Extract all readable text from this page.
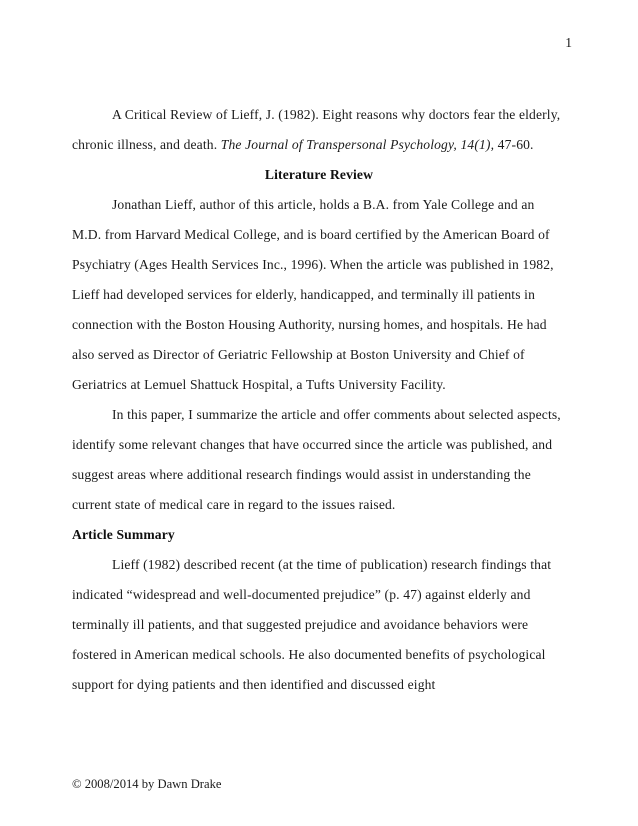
1

A Critical Review of Lieff, J. (1982). Eight reasons why doctors fear the elderly, chronic illness, and death. The Journal of Transpersonal Psychology, 14(1), 47-60.

Literature Review

Jonathan Lieff, author of this article, holds a B.A. from Yale College and an M.D. from Harvard Medical College, and is board certified by the American Board of Psychiatry (Ages Health Services Inc., 1996). When the article was published in 1982, Lieff had developed services for elderly, handicapped, and terminally ill patients in connection with the Boston Housing Authority, nursing homes, and hospitals. He had also served as Director of Geriatric Fellowship at Boston University and Chief of Geriatrics at Lemuel Shattuck Hospital, a Tufts University Facility.

In this paper, I summarize the article and offer comments about selected aspects, identify some relevant changes that have occurred since the article was published, and suggest areas where additional research findings would assist in understanding the current state of medical care in regard to the issues raised.

Article Summary

Lieff (1982) described recent (at the time of publication) research findings that indicated “widespread and well-documented prejudice” (p. 47) against elderly and terminally ill patients, and that suggested prejudice and avoidance behaviors were fostered in American medical schools. He also documented benefits of psychological support for dying patients and then identified and discussed eight

© 2008/2014 by Dawn Drake
